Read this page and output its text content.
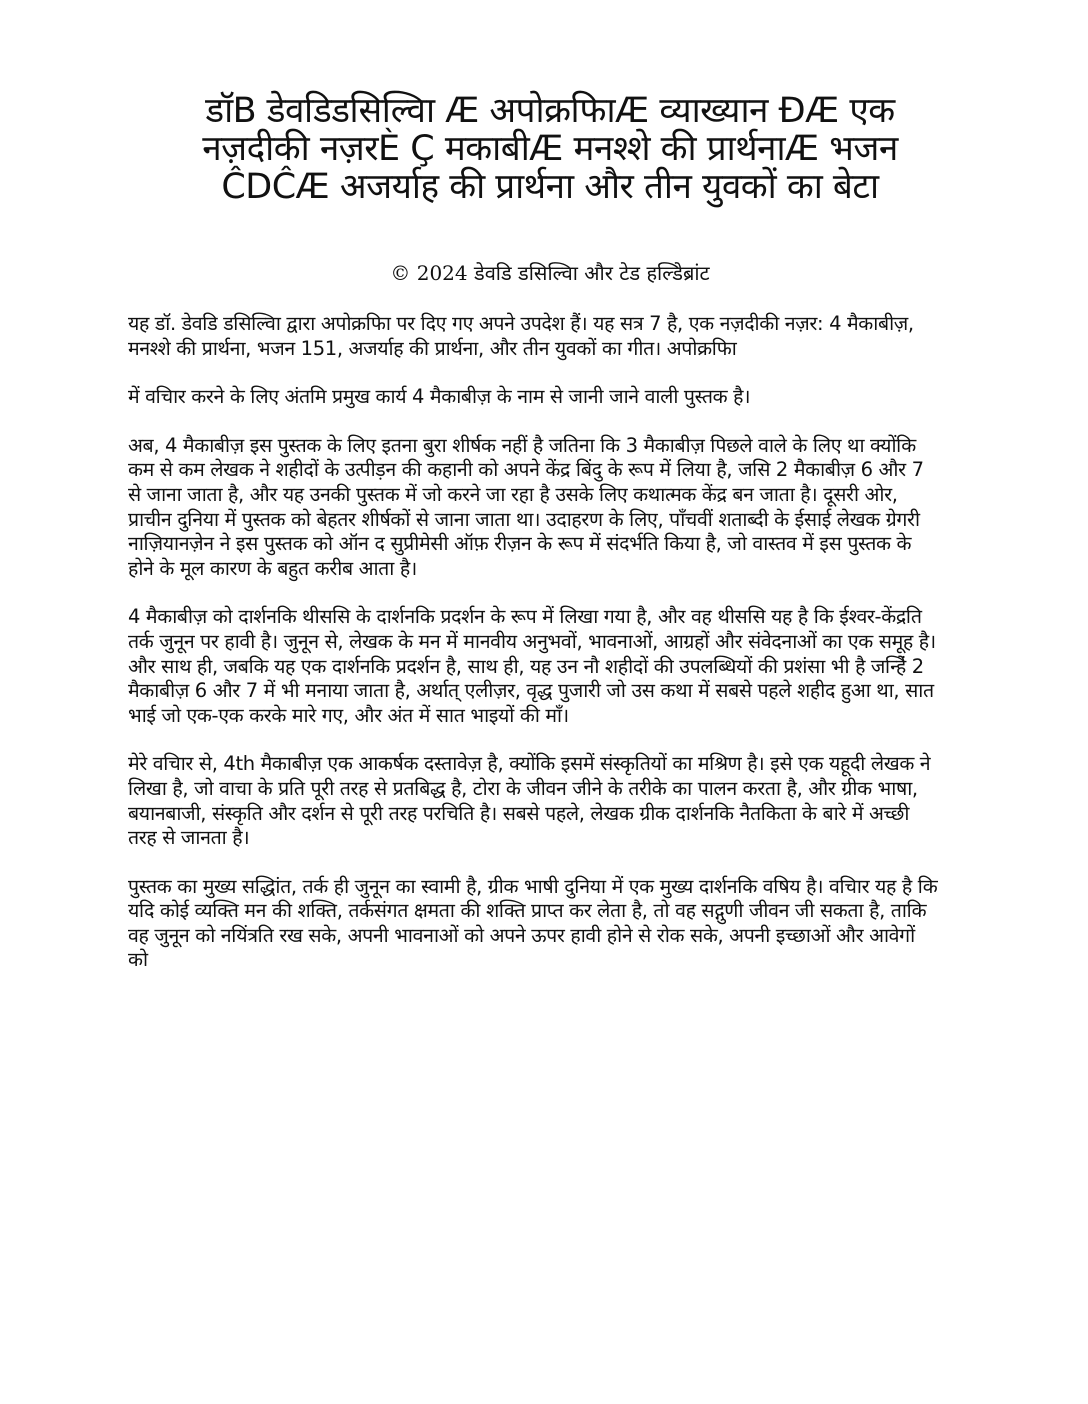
डॉB डेवडिडसिल्विा Æ अपोक्रफिाÆ व्याख्यान ÐÆ एक नज़दीकी नज़रÈ Ç मकाबीÆ मनश्शे की प्रार्थनाÆ भजन ĈDĈÆ अजर्याह की प्रार्थना और तीन युवकों का बेटा

© 2024 डेवडि डसिल्विा और टेड हल्डिेब्रांट

यह डॉ. डेवडि डसिल्विा द्वारा अपोक्रफिा पर दिए गए अपने उपदेश हैं। यह सत्र 7 है, एक नज़दीकी नज़र: 4 मैकाबीज़, मनश्शे की प्रार्थना, भजन 151, अजर्याह की प्रार्थना, और तीन युवकों का गीत। अपोक्रफिा

में वचिार करने के लिए अंतमि प्रमुख कार्य 4 मैकाबीज़ के नाम से जानी जाने वाली पुस्तक है।

अब, 4 मैकाबीज़ इस पुस्तक के लिए इतना बुरा शीर्षक नहीं है जतिना कि 3 मैकाबीज़ पिछले वाले के लिए था क्योंकि कम से कम लेखक ने शहीदों के उत्पीड़न की कहानी को अपने केंद्र बिंदु के रूप में लिया है, जसि 2 मैकाबीज़ 6 और 7 से जाना जाता है, और यह उनकी पुस्तक में जो करने जा रहा है उसके लिए कथात्मक केंद्र बन जाता है। दूसरी ओर, प्राचीन दुनिया में पुस्तक को बेहतर शीर्षकों से जाना जाता था। उदाहरण के लिए, पाँचवीं शताब्दी के ईसाई लेखक ग्रेगरी नाज़ियानज़ेन ने इस पुस्तक को ऑन द सुप्रीमेसी ऑफ़ रीज़न के रूप में संदर्भति किया है, जो वास्तव में इस पुस्तक के होने के मूल कारण के बहुत करीब आता है।

4 मैकाबीज़ को दार्शनकि थीससि के दार्शनकि प्रदर्शन के रूप में लिखा गया है, और वह थीससि यह है कि ईश्वर-केंद्रति तर्क जुनून पर हावी है। जुनून से, लेखक के मन में मानवीय अनुभवों, भावनाओं, आग्रहों और संवेदनाओं का एक समूह है। और साथ ही, जबकि यह एक दार्शनकि प्रदर्शन है, साथ ही, यह उन नौ शहीदों की उपलब्धियों की प्रशंसा भी है जन्हिें 2 मैकाबीज़ 6 और 7 में भी मनाया जाता है, अर्थात् एलीज़र, वृद्ध पुजारी जो उस कथा में सबसे पहले शहीद हुआ था, सात भाई जो एक-एक करके मारे गए, और अंत में सात भाइयों की माँ।

मेरे वचिार से, 4th मैकाबीज़ एक आकर्षक दस्तावेज़ है, क्योंकि इसमें संस्कृतियों का मश्रिण है। इसे एक यहूदी लेखक ने लिखा है, जो वाचा के प्रति पूरी तरह से प्रतबिद्ध है, टोरा के जीवन जीने के तरीके का पालन करता है, और ग्रीक भाषा, बयानबाजी, संस्कृति और दर्शन से पूरी तरह परचिति है। सबसे पहले, लेखक ग्रीक दार्शनकि नैतकिता के बारे में अच्छी तरह से जानता है।

पुस्तक का मुख्य सद्धिांत, तर्क ही जुनून का स्वामी है, ग्रीक भाषी दुनिया में एक मुख्य दार्शनकि वषिय है। वचिार यह है कि यदि कोई व्यक्ति मन की शक्ति, तर्कसंगत क्षमता की शक्ति प्राप्त कर लेता है, तो वह सद्गुणी जीवन जी सकता है, ताकि वह जुनून को नयिंत्रति रख सके, अपनी भावनाओं को अपने ऊपर हावी होने से रोक सके, अपनी इच्छाओं और आवेगों को
